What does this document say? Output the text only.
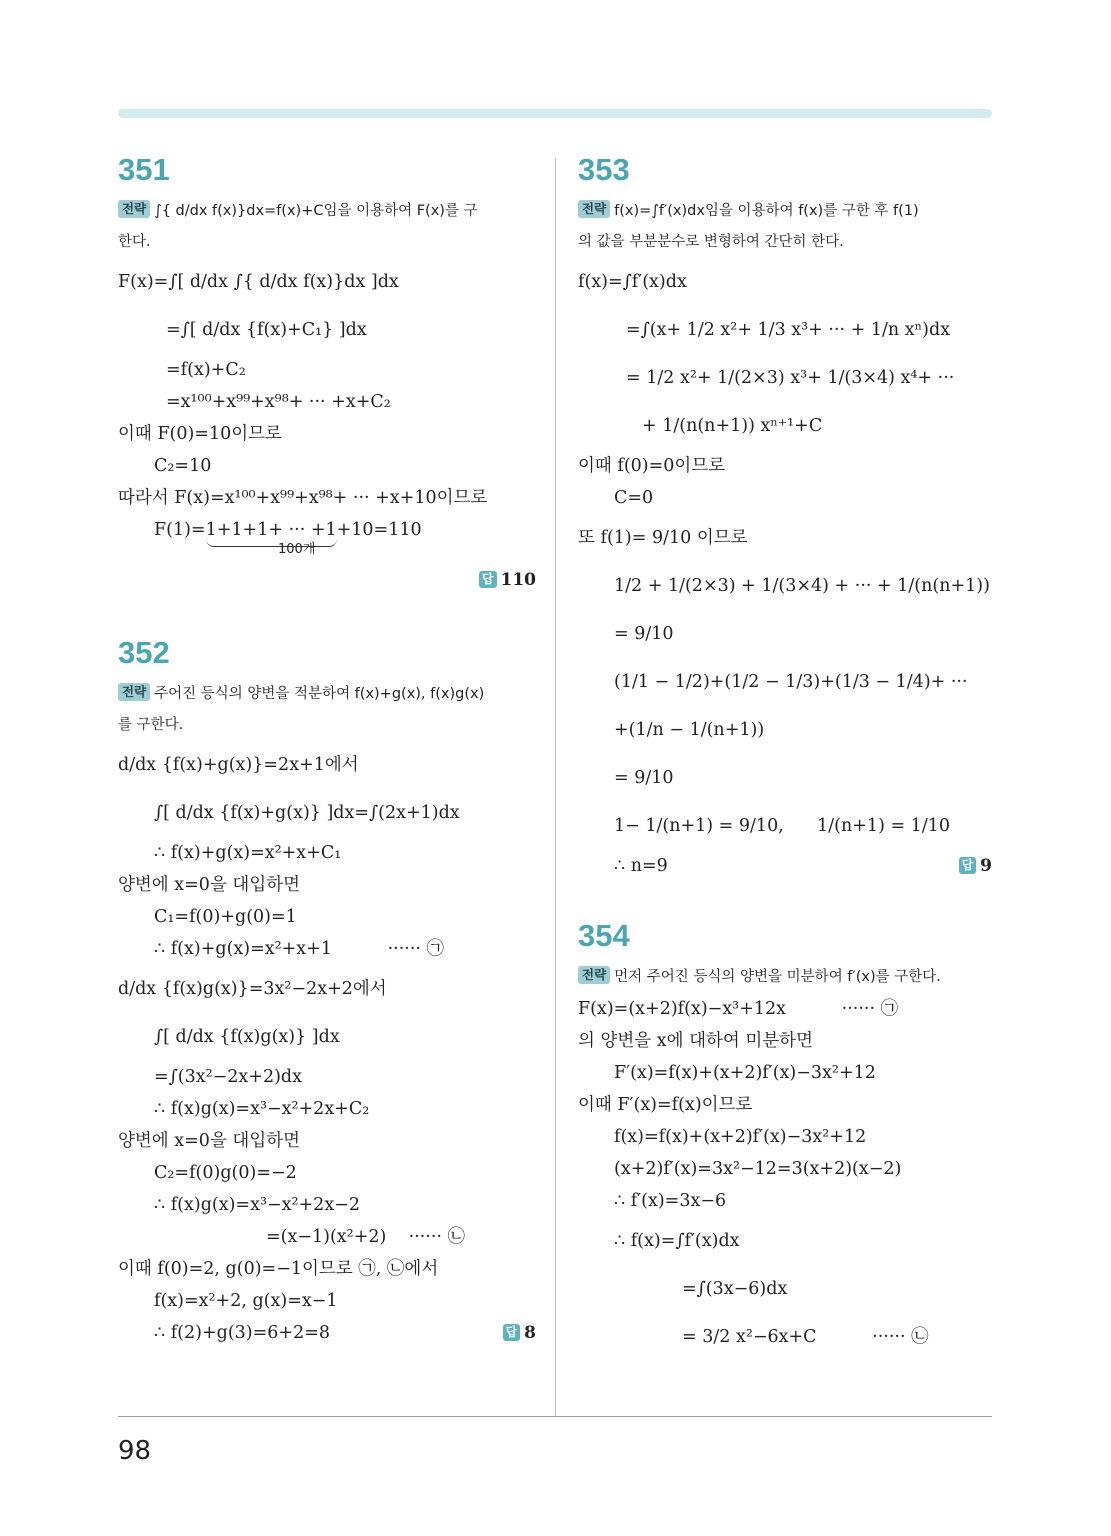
351
전략 ∫{ d/dx f(x)}dx=f(x)+C임을 이용하여 F(x)를 구
한다.
F(x)=∫[ d/dx ∫{ d/dx f(x)}dx ]dx
=∫[ d/dx {f(x)+C₁} ]dx
=f(x)+C₂
=x¹⁰⁰+x⁹⁹+x⁹⁸+ ··· +x+C₂
이때 F(0)=10이므로
C₂=10
따라서 F(x)=x¹⁰⁰+x⁹⁹+x⁹⁸+ ··· +x+10이므로
F(1)=1+1+1+ ··· +1+10=110
100개
답 110
352
전략 주어진 등식의 양변을 적분하여 f(x)+g(x), f(x)g(x)
를 구한다.
d/dx {f(x)+g(x)}=2x+1에서
∫[ d/dx {f(x)+g(x)} ]dx=∫(2x+1)dx
∴ f(x)+g(x)=x²+x+C₁
양변에 x=0을 대입하면
C₁=f(0)+g(0)=1
∴ f(x)+g(x)=x²+x+1          ······ ㉠
d/dx {f(x)g(x)}=3x²−2x+2에서
∫[ d/dx {f(x)g(x)} ]dx
=∫(3x²−2x+2)dx
∴ f(x)g(x)=x³−x²+2x+C₂
양변에 x=0을 대입하면
C₂=f(0)g(0)=−2
∴ f(x)g(x)=x³−x²+2x−2
=(x−1)(x²+2)    ······ ㉡
이때 f(0)=2, g(0)=−1이므로 ㉠, ㉡에서
f(x)=x²+2, g(x)=x−1
∴ f(2)+g(3)=6+2=8	답 8
353
전략 f(x)=∫f′(x)dx임을 이용하여 f(x)를 구한 후 f(1)
의 값을 부분분수로 변형하여 간단히 한다.
f(x)=∫f′(x)dx
=∫(x+ 1/2 x²+ 1/3 x³+ ··· + 1/n xⁿ)dx
= 1/2 x²+ 1/(2×3) x³+ 1/(3×4) x⁴+ ···
+ 1/(n(n+1)) xⁿ⁺¹+C
이때 f(0)=0이므로
C=0
또 f(1)= 9/10 이므로
1/2 + 1/(2×3) + 1/(3×4) + ··· + 1/(n(n+1))
= 9/10
(1/1 − 1/2)+(1/2 − 1/3)+(1/3 − 1/4)+ ···
+(1/n − 1/(n+1))
= 9/10
1− 1/(n+1) = 9/10,      1/(n+1) = 1/10
∴ n=9	답 9
354
전략 먼저 주어진 등식의 양변을 미분하여 f′(x)를 구한다.
F(x)=(x+2)f(x)−x³+12x          ······ ㉠
의 양변을 x에 대하여 미분하면
F′(x)=f(x)+(x+2)f′(x)−3x²+12
이때 F′(x)=f(x)이므로
f(x)=f(x)+(x+2)f′(x)−3x²+12
(x+2)f′(x)=3x²−12=3(x+2)(x−2)
∴ f′(x)=3x−6
∴ f(x)=∫f′(x)dx
=∫(3x−6)dx
= 3/2 x²−6x+C          ······ ㉡
98
